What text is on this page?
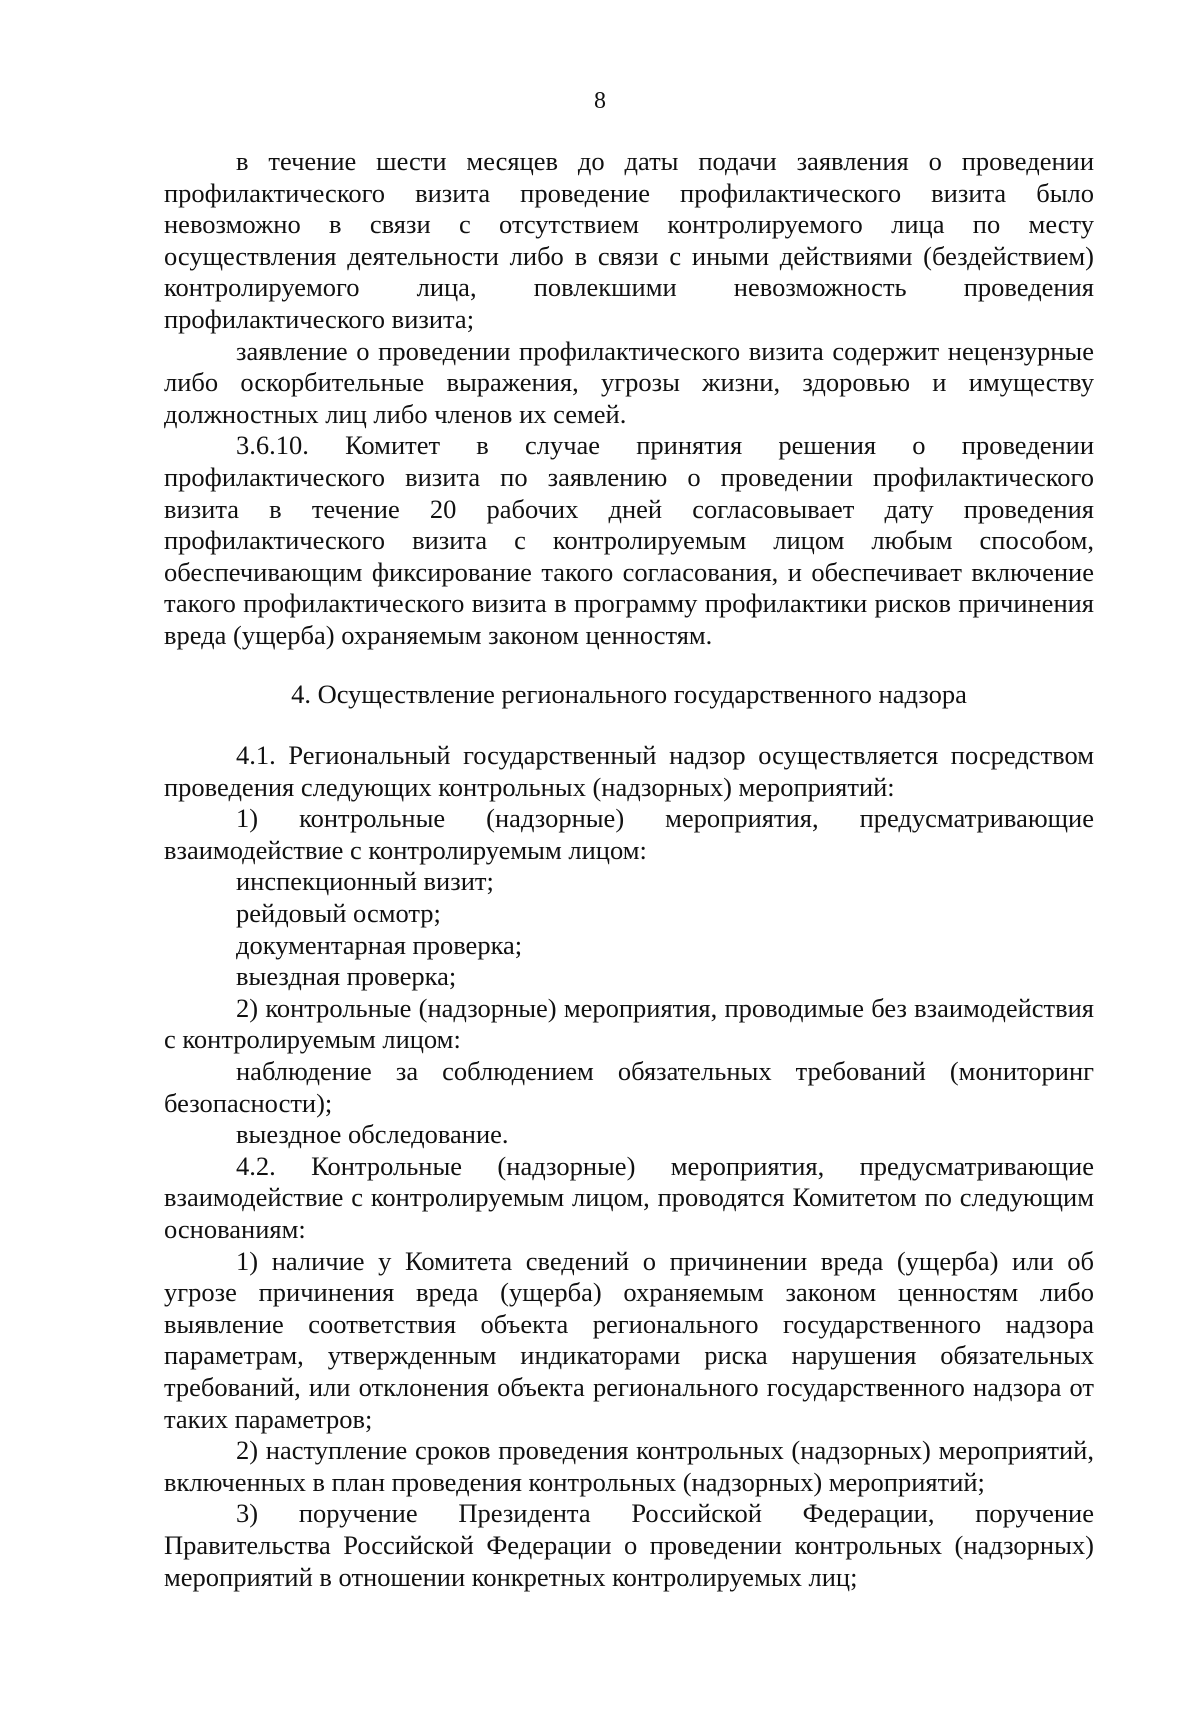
8

в течение шести месяцев до даты подачи заявления о проведении профилактического визита проведение профилактического визита было невозможно в связи с отсутствием контролируемого лица по месту осуществления деятельности либо в связи с иными действиями (бездействием) контролируемого лица, повлекшими невозможность проведения профилактического визита;

заявление о проведении профилактического визита содержит нецензурные либо оскорбительные выражения, угрозы жизни, здоровью и имуществу должностных лиц либо членов их семей.

3.6.10. Комитет в случае принятия решения о проведении профилактического визита по заявлению о проведении профилактического визита в течение 20 рабочих дней согласовывает дату проведения профилактического визита с контролируемым лицом любым способом, обеспечивающим фиксирование такого согласования, и обеспечивает включение такого профилактического визита в программу профилактики рисков причинения вреда (ущерба) охраняемым законом ценностям.

4. Осуществление регионального государственного надзора

4.1. Региональный государственный надзор осуществляется посредством проведения следующих контрольных (надзорных) мероприятий:

1) контрольные (надзорные) мероприятия, предусматривающие взаимодействие с контролируемым лицом:

инспекционный визит;

рейдовый осмотр;

документарная проверка;

выездная проверка;

2) контрольные (надзорные) мероприятия, проводимые без взаимодействия с контролируемым лицом:

наблюдение за соблюдением обязательных требований (мониторинг безопасности);

выездное обследование.

4.2. Контрольные (надзорные) мероприятия, предусматривающие взаимодействие с контролируемым лицом, проводятся Комитетом по следующим основаниям:

1) наличие у Комитета сведений о причинении вреда (ущерба) или об угрозе причинения вреда (ущерба) охраняемым законом ценностям либо выявление соответствия объекта регионального государственного надзора параметрам, утвержденным индикаторами риска нарушения обязательных требований, или отклонения объекта регионального государственного надзора от таких параметров;

2) наступление сроков проведения контрольных (надзорных) мероприятий, включенных в план проведения контрольных (надзорных) мероприятий;

3) поручение Президента Российской Федерации, поручение Правительства Российской Федерации о проведении контрольных (надзорных) мероприятий в отношении конкретных контролируемых лиц;
